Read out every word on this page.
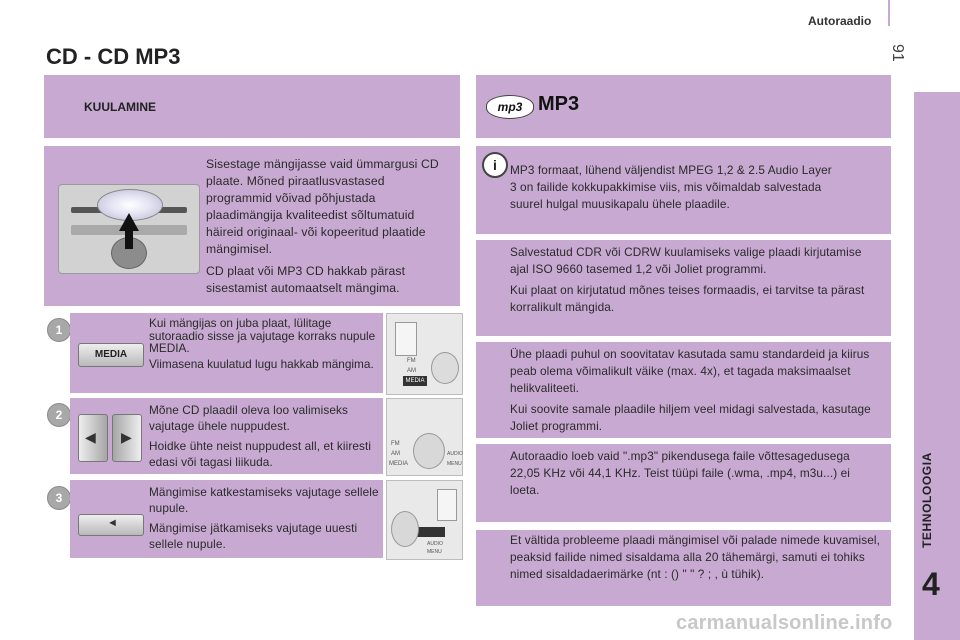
Autoraadio
91
CD - CD MP3
TEHNOLOOGIA
4
KUULAMINE

Sisestage mängijasse vaid ümmargusi CD plaate. Mõned piraatlusvastased programmid võivad põhjustada plaadimängija kvaliteedist sõltumatuid häireid originaal- või kopeeritud plaatide mängimisel.

CD plaat või MP3 CD hakkab pärast sisestamist automaatselt mängima.

1
MEDIA

Kui mängijas on juba plaat, lülitage sutoraadio sisse ja vajutage korraks nupule MEDIA.

Viimasena kuulatud lugu hakkab mängima.	FM
AM
MEDIA
2
◀ ▶

Mõne CD plaadil oleva loo valimiseks vajutage ühele nuppudest.

Hoidke ühte neist nuppudest all, et kiiresti edasi või tagasi liikuda.

FM
AM
MEDIA
AUDIO
MENU
3
◄

Mängimise katkestamiseks vajutage sellele nupule.

Mängimise jätkamiseks vajutage uuesti sellele nupule.	AUDIO
MENU
mp3 MP3
i	MP3 formaat, lühend väljendist MPEG 1,2 & 2.5 Audio Layer 3 on failide kokkupakkimise viis, mis võimaldab salvestada suurel hulgal muusikapalu ühele plaadile.

Salvestatud CDR või CDRW kuulamiseks valige plaadi kirjutamise ajal ISO 9660 tasemed 1,2 või Joliet programmi.

Kui plaat on kirjutatud mõnes teises formaadis, ei tarvitse ta pärast korralikult mängida.

Ühe plaadi puhul on soovitatav kasutada samu standardeid ja kiirus peab olema võimalikult väike (max. 4x), et tagada maksimaalset helikvaliteeti.

Kui soovite samale plaadile hiljem veel midagi salvestada, kasutage Joliet programmi.

Autoraadio loeb vaid ".mp3" pikendusega faile võttesagedusega 22,05 KHz või 44,1 KHz. Teist tüüpi faile (.wma, .mp4, m3u...) ei loeta.

Et vältida probleeme plaadi mängimisel või palade nimede kuvamisel, peaksid failide nimed sisaldama alla 20 tähemärgi, samuti ei tohiks nimed sisaldadaerimärke (nt : () " " ? ; , ù tühik).

carmanualsonline.info
